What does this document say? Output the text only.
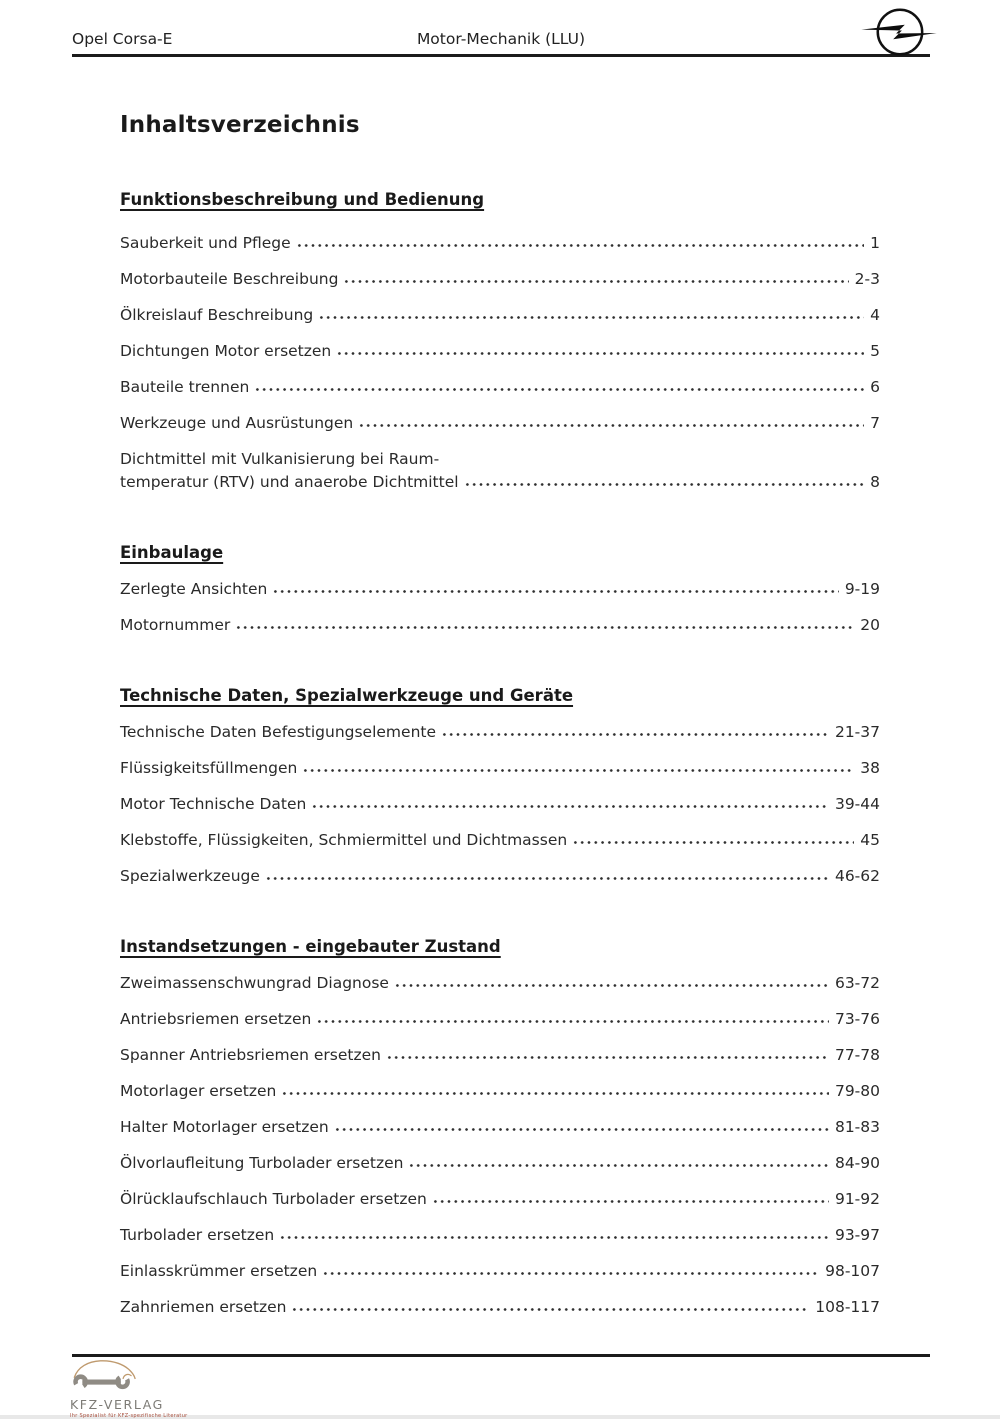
Opel Corsa-E	Motor-Mechanik (LLU)
Inhaltsverzeichnis
Funktionsbeschreibung und Bedienung
Sauberkeit und Pflege	1
Motorbauteile Beschreibung	2-3
Ölkreislauf Beschreibung	4
Dichtungen Motor ersetzen	5
Bauteile trennen	6
Werkzeuge und Ausrüstungen	7
Dichtmittel mit Vulkanisierung bei Raum-
temperatur (RTV) und anaerobe Dichtmittel	8
Einbaulage
Zerlegte Ansichten	9-19
Motornummer	20
Technische Daten, Spezialwerkzeuge und Geräte
Technische Daten Befestigungselemente	21-37
Flüssigkeitsfüllmengen	38
Motor Technische Daten	39-44
Klebstoffe, Flüssigkeiten, Schmiermittel und Dichtmassen	45
Spezialwerkzeuge	46-62
Instandsetzungen - eingebauter Zustand
Zweimassenschwungrad Diagnose	63-72
Antriebsriemen ersetzen	73-76
Spanner Antriebsriemen ersetzen	77-78
Motorlager ersetzen	79-80
Halter Motorlager ersetzen	81-83
Ölvorlaufleitung Turbolader ersetzen	84-90
Ölrücklaufschlauch Turbolader ersetzen	91-92
Turbolader ersetzen	93-97
Einlasskrümmer ersetzen	98-107
Zahnriemen ersetzen	108-117
KFZ-VERLAG
Ihr Spezialist für KFZ-spezifische Literatur
